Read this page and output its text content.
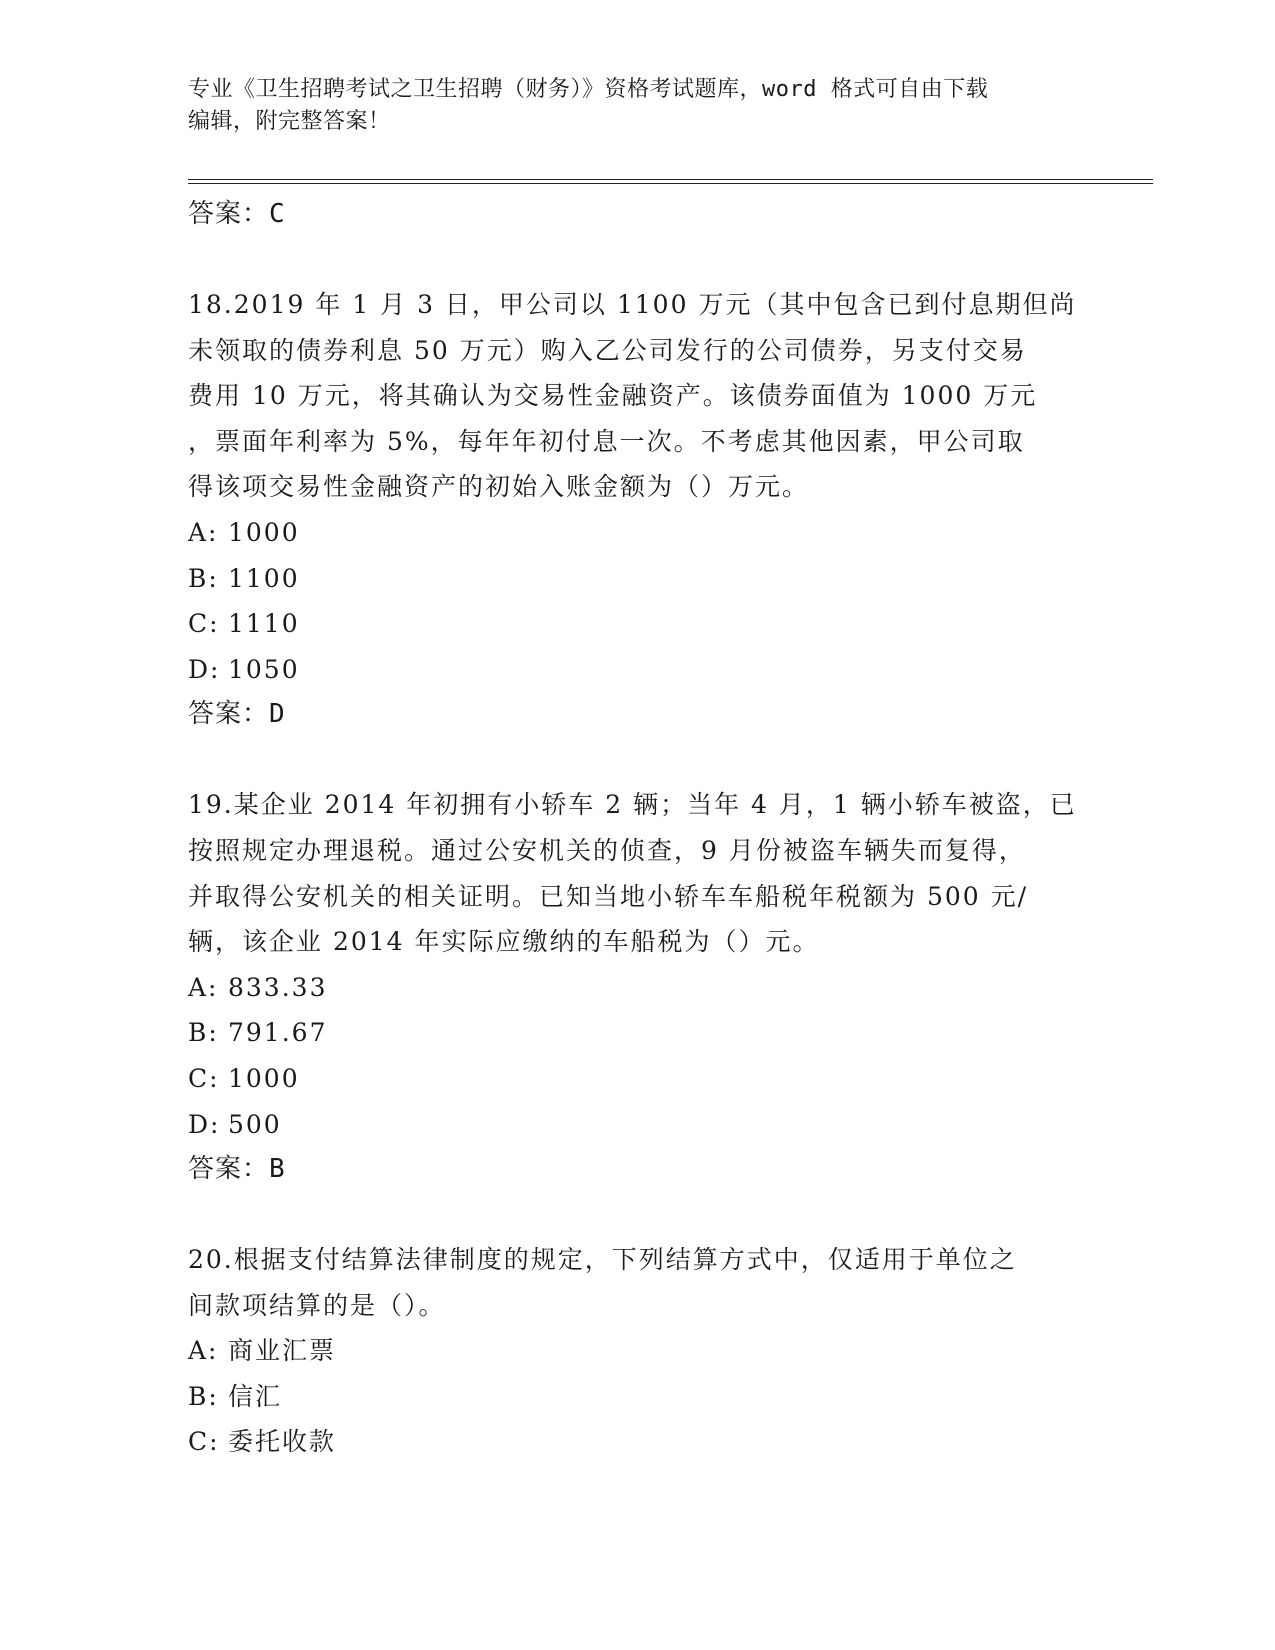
专业《卫生招聘考试之卫生招聘（财务）》资格考试题库，word 格式可自由下载
编辑，附完整答案！
答案：C
18.2019 年 1 月 3 日，甲公司以 1100 万元（其中包含已到付息期但尚
未领取的债券利息 50 万元）购入乙公司发行的公司债券，另支付交易
费用 10 万元，将其确认为交易性金融资产。该债券面值为 1000 万元
，票面年利率为 5%，每年年初付息一次。不考虑其他因素，甲公司取
得该项交易性金融资产的初始入账金额为（）万元。
A: 1000
B: 1100
C: 1110
D: 1050
答案：D
19.某企业 2014 年初拥有小轿车 2 辆；当年 4 月，1 辆小轿车被盗，已
按照规定办理退税。通过公安机关的侦查，9 月份被盗车辆失而复得，
并取得公安机关的相关证明。已知当地小轿车车船税年税额为 500 元/
辆，该企业 2014 年实际应缴纳的车船税为（）元。
A: 833.33
B: 791.67
C: 1000
D: 500
答案：B
20.根据支付结算法律制度的规定，下列结算方式中，仅适用于单位之
间款项结算的是（）。
A: 商业汇票
B: 信汇
C: 委托收款
